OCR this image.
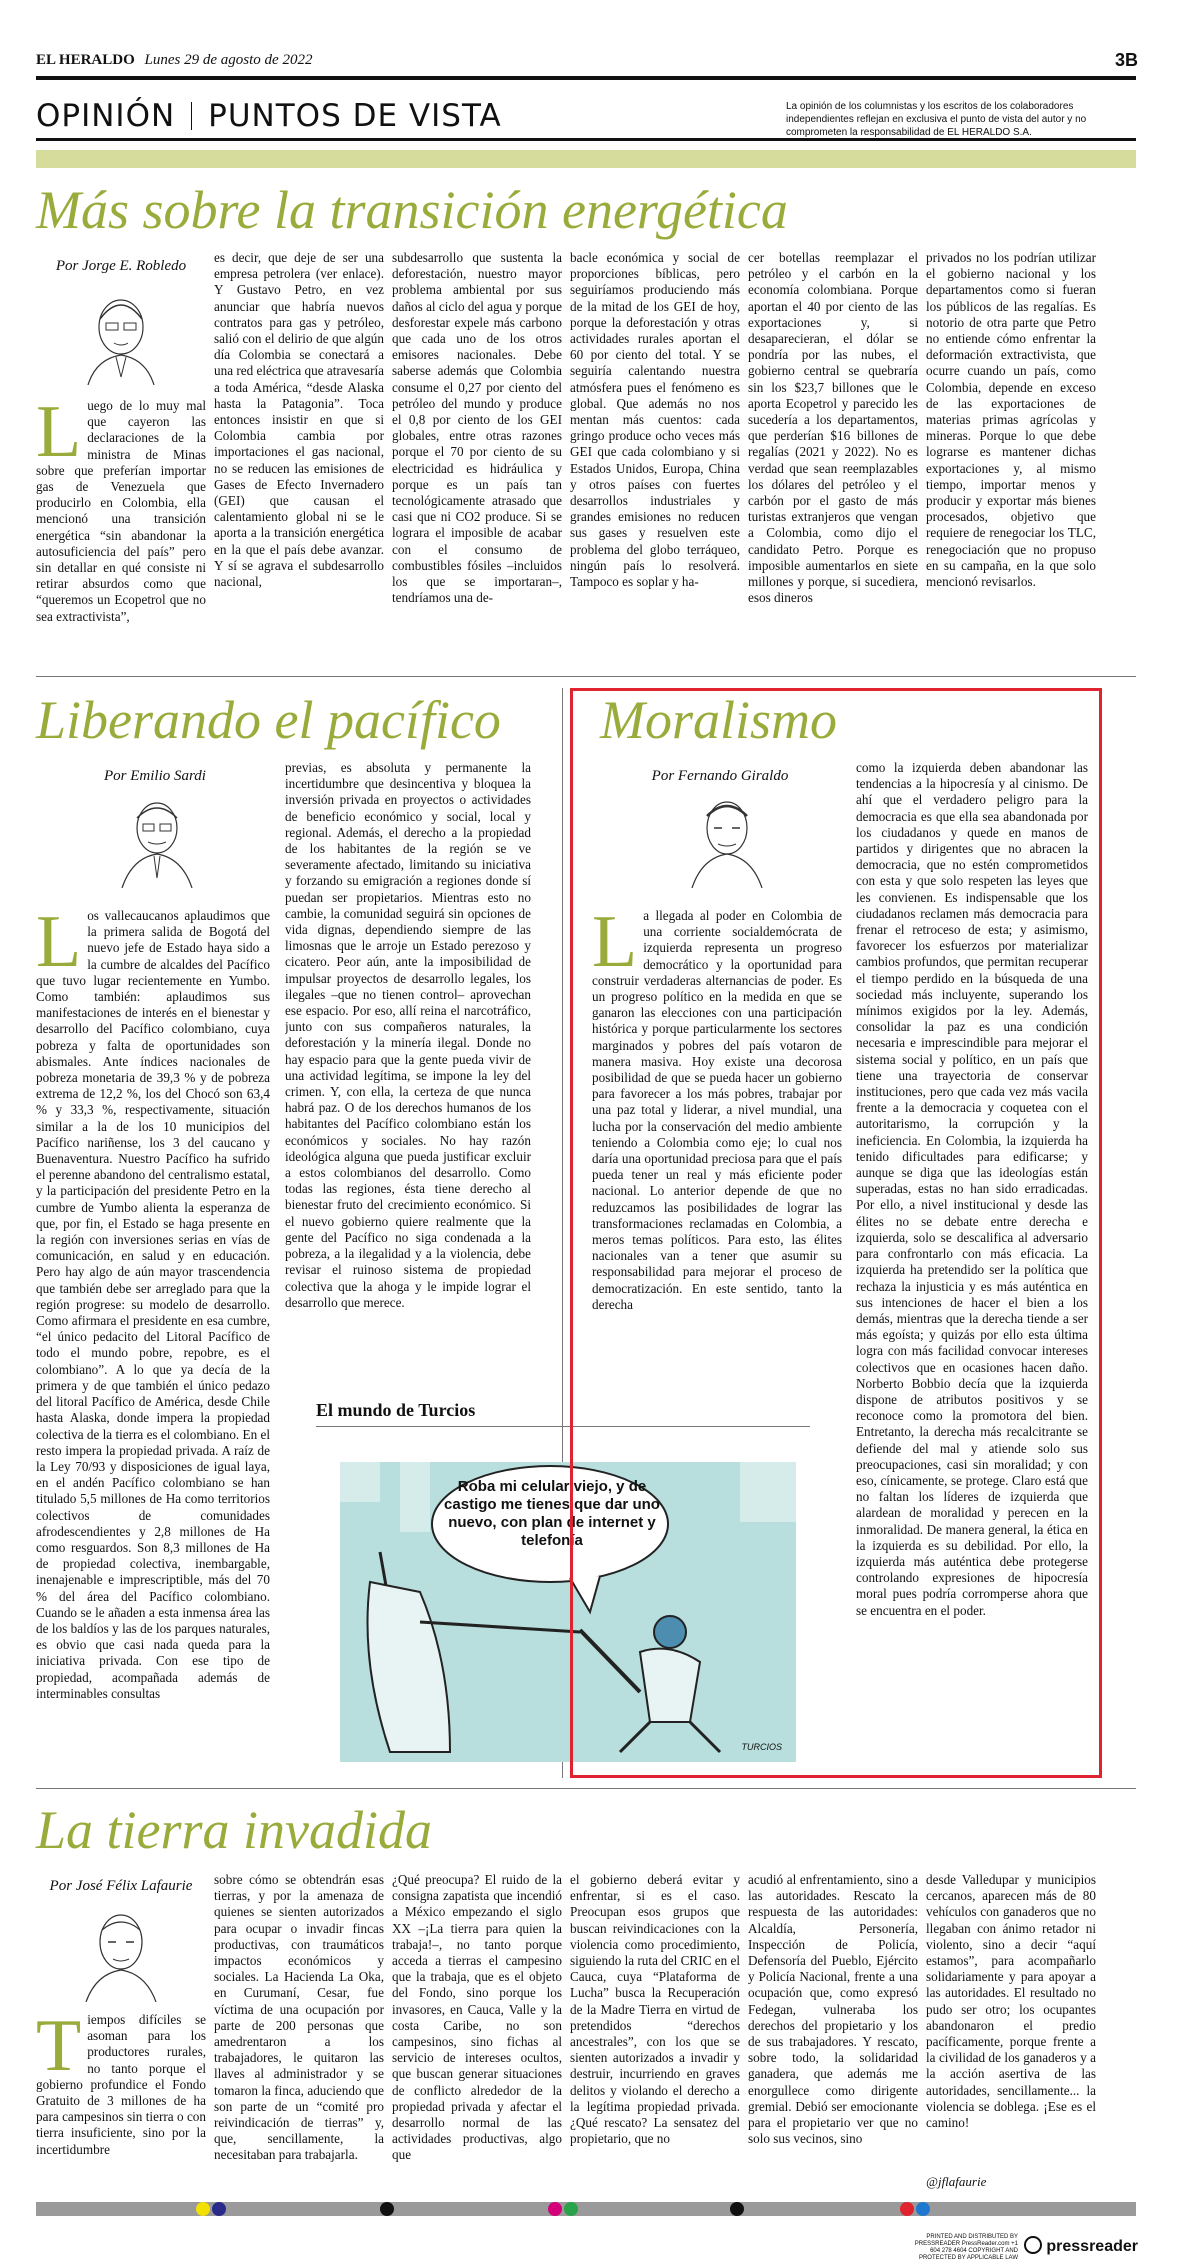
EL HERALDO Lunes 29 de agosto de 2022	3B
OPINIÓN PUNTOS DE VISTA	La opinión de los columnistas y los escritos de los colaboradores independientes reflejan en exclusiva el punto de vista del autor y no comprometen la responsabilidad de EL HERALDO S.A.
Más sobre la transición energética
Por Jorge E. Robledo
Luego de lo muy mal que cayeron las declaraciones de la ministra de Minas sobre que preferían importar gas de Venezuela que producirlo en Colombia, ella mencionó una transición energética “sin abandonar la autosuficiencia del país” pero sin detallar en qué consiste ni retirar absurdos como que “queremos un Ecopetrol que no sea extractivista”,
es decir, que deje de ser una empresa petrolera (ver enlace). Y Gustavo Petro, en vez anunciar que habría nuevos contratos para gas y petróleo, salió con el delirio de que algún día Colombia se conectará a una red eléctrica que atravesaría a toda América, “desde Alaska hasta la Patagonia”. Toca entonces insistir en que si Colombia cambia por importaciones el gas nacional, no se reducen las emisiones de Gases de Efecto Invernadero (GEI) que causan el calentamiento global ni se le aporta a la transición energética en la que el país debe avanzar. Y sí se agrava el subdesarrollo nacional,
subdesarrollo que sustenta la deforestación, nuestro mayor problema ambiental por sus daños al ciclo del agua y porque desforestar expele más carbono que cada uno de los otros emisores nacionales. Debe saberse además que Colombia consume el 0,27 por ciento del petróleo del mundo y produce el 0,8 por ciento de los GEI globales, entre otras razones porque el 70 por ciento de su electricidad es hidráulica y porque es un país tan tecnológicamente atrasado que casi que ni CO2 produce. Si se lograra el imposible de acabar con el consumo de combustibles fósiles –incluidos los que se importaran–, tendríamos una de-
bacle económica y social de proporciones bíblicas, pero seguiríamos produciendo más de la mitad de los GEI de hoy, porque la deforestación y otras actividades rurales aportan el 60 por ciento del total. Y se seguiría calentando nuestra atmósfera pues el fenómeno es global. Que además no nos mentan más cuentos: cada gringo produce ocho veces más GEI que cada colombiano y si Estados Unidos, Europa, China y otros países con fuertes desarrollos industriales y grandes emisiones no reducen sus gases y resuelven este problema del globo terráqueo, ningún país lo resolverá. Tampoco es soplar y ha-
cer botellas reemplazar el petróleo y el carbón en la economía colombiana. Porque aportan el 40 por ciento de las exportaciones y, si desaparecieran, el dólar se pondría por las nubes, el gobierno central se quebraría sin los $23,7 billones que le aporta Ecopetrol y parecido les sucedería a los departamentos, que perderían $16 billones de regalías (2021 y 2022). No es verdad que sean reemplazables los dólares del petróleo y el carbón por el gasto de más turistas extranjeros que vengan a Colombia, como dijo el candidato Petro. Porque es imposible aumentarlos en siete millones y porque, si sucediera, esos dineros
privados no los podrían utilizar el gobierno nacional y los departamentos como si fueran los públicos de las regalías. Es notorio de otra parte que Petro no entiende cómo enfrentar la deformación extractivista, que ocurre cuando un país, como Colombia, depende en exceso de las exportaciones de materias primas agrícolas y mineras. Porque lo que debe lograrse es mantener dichas exportaciones y, al mismo tiempo, importar menos y producir y exportar más bienes procesados, objetivo que requiere de renegociar los TLC, renegociación que no propuso en su campaña, en la que solo mencionó revisarlos.
Liberando el pacífico
Por Emilio Sardi
Los vallecaucanos aplaudimos que la primera salida de Bogotá del nuevo jefe de Estado haya sido a la cumbre de alcaldes del Pacífico que tuvo lugar recientemente en Yumbo. Como también: aplaudimos sus manifestaciones de interés en el bienestar y desarrollo del Pacífico colombiano, cuya pobreza y falta de oportunidades son abismales. Ante índices nacionales de pobreza monetaria de 39,3 % y de pobreza extrema de 12,2 %, los del Chocó son 63,4 % y 33,3 %, respectivamente, situación similar a la de los 10 municipios del Pacífico nariñense, los 3 del caucano y Buenaventura. Nuestro Pacífico ha sufrido el perenne abandono del centralismo estatal, y la participación del presidente Petro en la cumbre de Yumbo alienta la esperanza de que, por fin, el Estado se haga presente en la región con inversiones serias en vías de comunicación, en salud y en educación. Pero hay algo de aún mayor trascendencia que también debe ser arreglado para que la región progrese: su modelo de desarrollo. Como afirmara el presidente en esa cumbre, “el único pedacito del Litoral Pacífico de todo el mundo pobre, repobre, es el colombiano”. A lo que ya decía de la primera y de que también el único pedazo del litoral Pacífico de América, desde Chile hasta Alaska, donde impera la propiedad colectiva de la tierra es el colombiano. En el resto impera la propiedad privada. A raíz de la Ley 70/93 y disposiciones de igual laya, en el andén Pacífico colombiano se han titulado 5,5 millones de Ha como territorios colectivos de comunidades afrodescendientes y 2,8 millones de Ha como resguardos. Son 8,3 millones de Ha de propiedad colectiva, inembargable, inenajenable e imprescriptible, más del 70 % del área del Pacífico colombiano. Cuando se le añaden a esta inmensa área las de los baldíos y las de los parques naturales, es obvio que casi nada queda para la iniciativa privada. Con ese tipo de propiedad, acompañada además de interminables consultas
previas, es absoluta y permanente la incertidumbre que desincentiva y bloquea la inversión privada en proyectos o actividades de beneficio económico y social, local y regional. Además, el derecho a la propiedad de los habitantes de la región se ve severamente afectado, limitando su iniciativa y forzando su emigración a regiones donde sí puedan ser propietarios. Mientras esto no cambie, la comunidad seguirá sin opciones de vida dignas, dependiendo siempre de las limosnas que le arroje un Estado perezoso y cicatero. Peor aún, ante la imposibilidad de impulsar proyectos de desarrollo legales, los ilegales –que no tienen control– aprovechan ese espacio. Por eso, allí reina el narcotráfico, junto con sus compañeros naturales, la deforestación y la minería ilegal. Donde no hay espacio para que la gente pueda vivir de una actividad legítima, se impone la ley del crimen. Y, con ella, la certeza de que nunca habrá paz. O de los derechos humanos de los habitantes del Pacífico colombiano están los económicos y sociales. No hay razón ideológica alguna que pueda justificar excluir a estos colombianos del desarrollo. Como todas las regiones, ésta tiene derecho al bienestar fruto del crecimiento económico. Si el nuevo gobierno quiere realmente que la gente del Pacífico no siga condenada a la pobreza, a la ilegalidad y a la violencia, debe revisar el ruinoso sistema de propiedad colectiva que la ahoga y le impide lograr el desarrollo que merece.
El mundo de Turcios
Roba mi celular viejo, y de castigo me tienes que dar uno nuevo, con plan de internet y telefonía
TURCIOS
Moralismo
Por Fernando Giraldo
La llegada al poder en Colombia de una corriente socialdemócrata de izquierda representa un progreso democrático y la oportunidad para construir verdaderas alternancias de poder. Es un progreso político en la medida en que se ganaron las elecciones con una participación histórica y porque particularmente los sectores marginados y pobres del país votaron de manera masiva. Hoy existe una decorosa posibilidad de que se pueda hacer un gobierno para favorecer a los más pobres, trabajar por una paz total y liderar, a nivel mundial, una lucha por la conservación del medio ambiente teniendo a Colombia como eje; lo cual nos daría una oportunidad preciosa para que el país pueda tener un real y más eficiente poder nacional. Lo anterior depende de que no reduzcamos las posibilidades de lograr las transformaciones reclamadas en Colombia, a meros temas políticos. Para esto, las élites nacionales van a tener que asumir su responsabilidad para mejorar el proceso de democratización. En este sentido, tanto la derecha
como la izquierda deben abandonar las tendencias a la hipocresía y al cinismo. De ahí que el verdadero peligro para la democracia es que ella sea abandonada por los ciudadanos y quede en manos de partidos y dirigentes que no abracen la democracia, que no estén comprometidos con esta y que solo respeten las leyes que les convienen. Es indispensable que los ciudadanos reclamen más democracia para frenar el retroceso de esta; y asimismo, favorecer los esfuerzos por materializar cambios profundos, que permitan recuperar el tiempo perdido en la búsqueda de una sociedad más incluyente, superando los mínimos exigidos por la ley. Además, consolidar la paz es una condición necesaria e imprescindible para mejorar el sistema social y político, en un país que tiene una trayectoria de conservar instituciones, pero que cada vez más vacila frente a la democracia y coquetea con el autoritarismo, la corrupción y la ineficiencia. En Colombia, la izquierda ha tenido dificultades para edificarse; y aunque se diga que las ideologías están superadas, estas no han sido erradicadas. Por ello, a nivel institucional y desde las élites no se debate entre derecha e izquierda, solo se descalifica al adversario para confrontarlo con más eficacia. La izquierda ha pretendido ser la política que rechaza la injusticia y es más auténtica en sus intenciones de hacer el bien a los demás, mientras que la derecha tiende a ser más egoísta; y quizás por ello esta última logra con más facilidad convocar intereses colectivos que en ocasiones hacen daño. Norberto Bobbio decía que la izquierda dispone de atributos positivos y se reconoce como la promotora del bien. Entretanto, la derecha más recalcitrante se defiende del mal y atiende solo sus preocupaciones, casi sin moralidad; y con eso, cínicamente, se protege. Claro está que no faltan los líderes de izquierda que alardean de moralidad y perecen en la inmoralidad. De manera general, la ética en la izquierda es su debilidad. Por ello, la izquierda más auténtica debe protegerse controlando expresiones de hipocresía moral pues podría corromperse ahora que se encuentra en el poder.
La tierra invadida
Por José Félix Lafaurie
Tiempos difíciles se asoman para los productores rurales, no tanto porque el gobierno profundice el Fondo Gratuito de 3 millones de ha para campesinos sin tierra o con tierra insuficiente, sino por la incertidumbre
sobre cómo se obtendrán esas tierras, y por la amenaza de quienes se sienten autorizados para ocupar o invadir fincas productivas, con traumáticos impactos económicos y sociales. La Hacienda La Oka, en Curumaní, Cesar, fue víctima de una ocupación por parte de 200 personas que amedrentaron a los trabajadores, le quitaron las llaves al administrador y se tomaron la finca, aduciendo que son parte de un “comité pro reivindicación de tierras” y, que, sencillamente, la necesitaban para trabajarla.
¿Qué preocupa? El ruido de la consigna zapatista que incendió a México empezando el siglo XX –¡La tierra para quien la trabaja!–, no tanto porque acceda a tierras el campesino que la trabaja, que es el objeto del Fondo, sino porque los invasores, en Cauca, Valle y la costa Caribe, no son campesinos, sino fichas al servicio de intereses ocultos, que buscan generar situaciones de conflicto alrededor de la propiedad privada y afectar el desarrollo normal de las actividades productivas, algo que
el gobierno deberá evitar y enfrentar, si es el caso. Preocupan esos grupos que buscan reivindicaciones con la violencia como procedimiento, siguiendo la ruta del CRIC en el Cauca, cuya “Plataforma de Lucha” busca la Recuperación de la Madre Tierra en virtud de pretendidos “derechos ancestrales”, con los que se sienten autorizados a invadir y destruir, incurriendo en graves delitos y violando el derecho a la legítima propiedad privada. ¿Qué rescato? La sensatez del propietario, que no
acudió al enfrentamiento, sino a las autoridades. Rescato la respuesta de las autoridades: Alcaldía, Personería, Inspección de Policía, Defensoría del Pueblo, Ejército y Policía Nacional, frente a una ocupación que, como expresó Fedegan, vulneraba los derechos del propietario y los de sus trabajadores. Y rescato, sobre todo, la solidaridad ganadera, que además me enorgullece como dirigente gremial. Debió ser emocionante para el propietario ver que no solo sus vecinos, sino
desde Valledupar y municipios cercanos, aparecen más de 80 vehículos con ganaderos que no llegaban con ánimo retador ni violento, sino a decir “aquí estamos”, para acompañarlo solidariamente y para apoyar a las autoridades. El resultado no pudo ser otro; los ocupantes abandonaron el predio pacíficamente, porque frente a la civilidad de los ganaderos y a la acción asertiva de las autoridades, sencillamente... la violencia se doblega. ¡Ese es el camino!
@jflafaurie
PRINTED AND DISTRIBUTED BY PRESSREADER PressReader.com +1 604 278 4604 COPYRIGHT AND PROTECTED BY APPLICABLE LAW
pressreader
